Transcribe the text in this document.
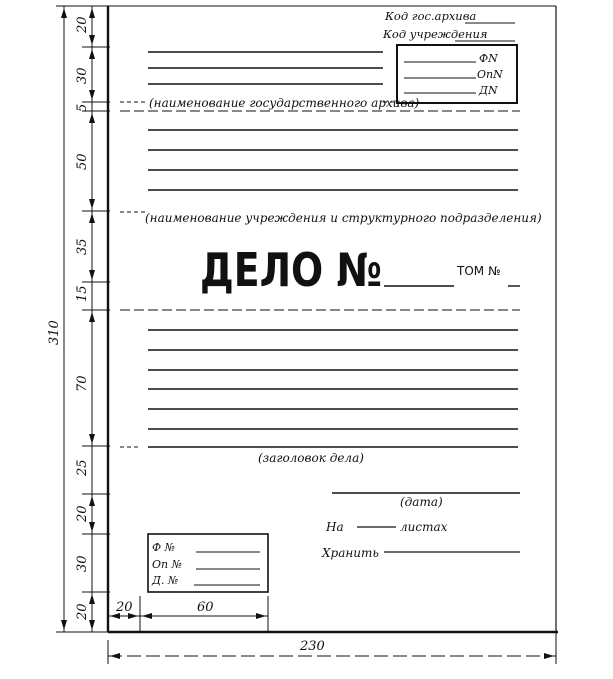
310
20
30
5
50
35
15
70
25
20
30
20 20	60
230
Код гос.архива
Код учреждения
ФN
ОпN
ДN
(наименование государственного архива)
(наименование учреждения и структурного подразделения)
ДЕЛО №	ТОМ №
(заголовок дела)
(дата)
На	листах
Хранить
Ф №
Оп №
Д. №
